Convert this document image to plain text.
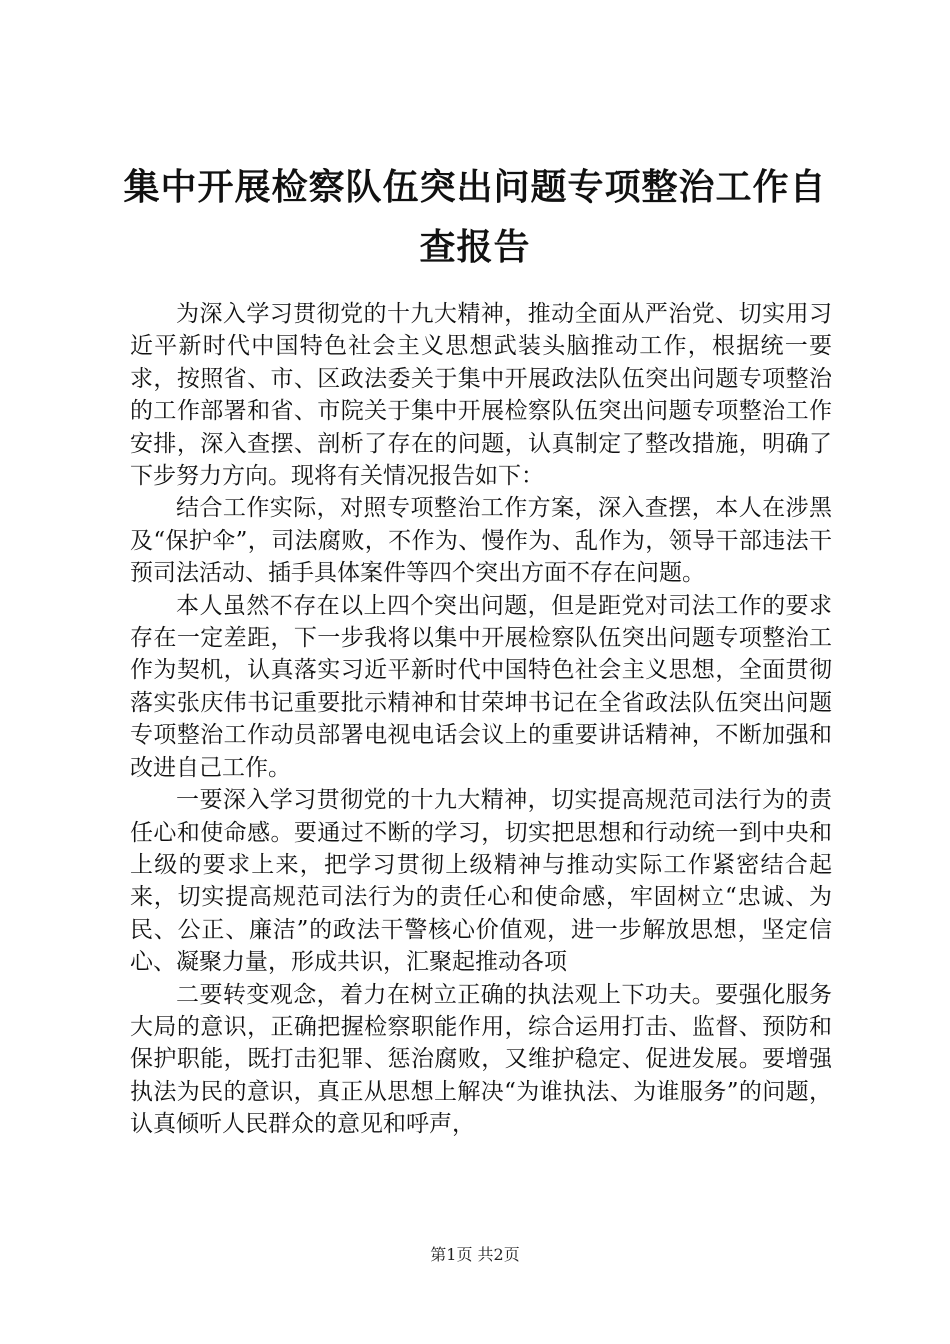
集中开展检察队伍突出问题专项整治工作自查报告

为深入学习贯彻党的十九大精神，推动全面从严治党、切实用习近平新时代中国特色社会主义思想武装头脑推动工作，根据统一要求，按照省、市、区政法委关于集中开展政法队伍突出问题专项整治的工作部署和省、市院关于集中开展检察队伍突出问题专项整治工作安排，深入查摆、剖析了存在的问题，认真制定了整改措施，明确了下步努力方向。现将有关情况报告如下：

结合工作实际，对照专项整治工作方案，深入查摆，本人在涉黑及“保护伞”，司法腐败，不作为、慢作为、乱作为，领导干部违法干预司法活动、插手具体案件等四个突出方面不存在问题。

本人虽然不存在以上四个突出问题，但是距党对司法工作的要求存在一定差距，下一步我将以集中开展检察队伍突出问题专项整治工作为契机，认真落实习近平新时代中国特色社会主义思想，全面贯彻落实张庆伟书记重要批示精神和甘荣坤书记在全省政法队伍突出问题专项整治工作动员部署电视电话会议上的重要讲话精神，不断加强和改进自己工作。

一要深入学习贯彻党的十九大精神，切实提高规范司法行为的责任心和使命感。要通过不断的学习，切实把思想和行动统一到中央和上级的要求上来，把学习贯彻上级精神与推动实际工作紧密结合起来，切实提高规范司法行为的责任心和使命感，牢固树立“忠诚、为民、公正、廉洁”的政法干警核心价值观，进一步解放思想，坚定信心、凝聚力量，形成共识，汇聚起推动各项

二要转变观念，着力在树立正确的执法观上下功夫。要强化服务大局的意识，正确把握检察职能作用，综合运用打击、监督、预防和保护职能，既打击犯罪、惩治腐败，又维护稳定、促进发展。要增强执法为民的意识，真正从思想上解决“为谁执法、为谁服务”的问题，认真倾听人民群众的意见和呼声，

第1页 共2页
